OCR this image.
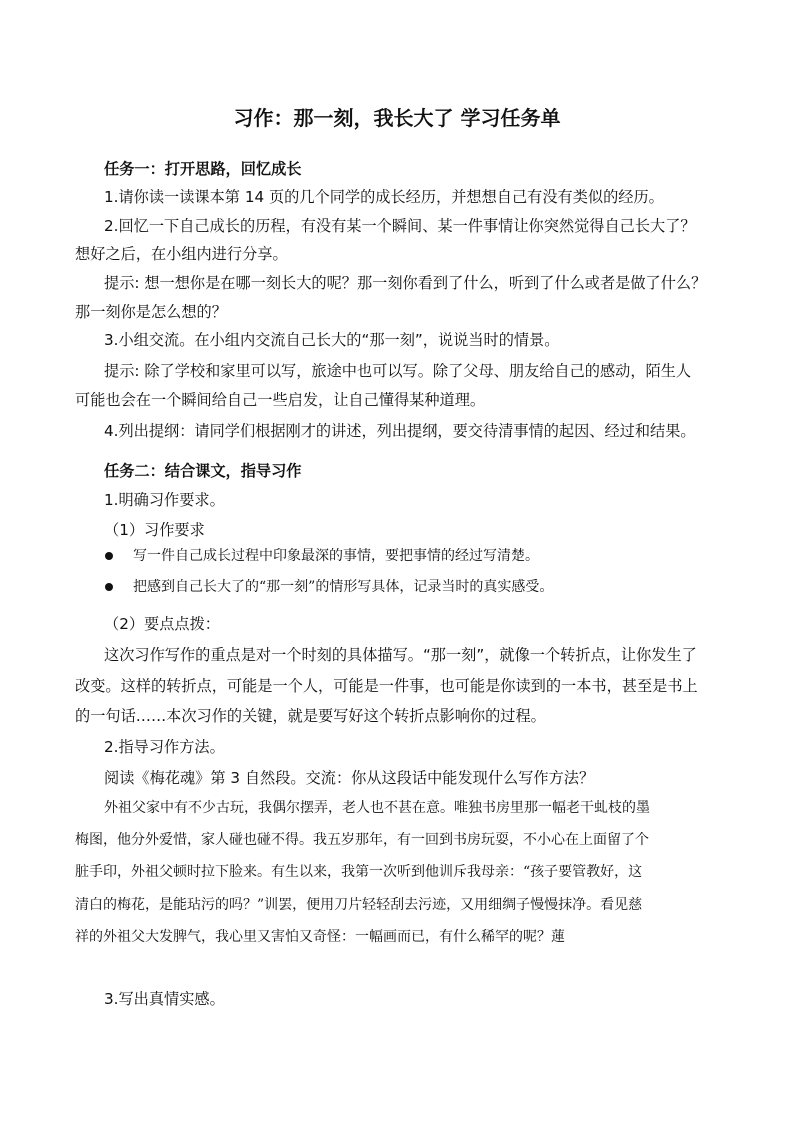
习作：那一刻，我长大了 学习任务单
任务一：打开思路，回忆成长
1.请你读一读课本第 14 页的几个同学的成长经历，并想想自己有没有类似的经历。
2.回忆一下自己成长的历程，有没有某一个瞬间、某一件事情让你突然觉得自己长大了？
想好之后，在小组内进行分享。
提示: 想一想你是在哪一刻长大的呢？那一刻你看到了什么，听到了什么或者是做了什么？
那一刻你是怎么想的？
3.小组交流。在小组内交流自己长大的“那一刻”，说说当时的情景。
提示: 除了学校和家里可以写，旅途中也可以写。除了父母、朋友给自己的感动，陌生人
可能也会在一个瞬间给自己一些启发，让自己懂得某种道理。
4.列出提纲：请同学们根据刚才的讲述，列出提纲，要交待清事情的起因、经过和结果。
任务二：结合课文，指导习作
1.明确习作要求。
（1）习作要求
写一件自己成长过程中印象最深的事情，要把事情的经过写清楚。
把感到自己长大了的“那一刻”的情形写具体，记录当时的真实感受。
（2）要点点拨：
这次习作写作的重点是对一个时刻的具体描写。“那一刻”，就像一个转折点，让你发生了
改变。这样的转折点，可能是一个人，可能是一件事，也可能是你读到的一本书，甚至是书上
的一句话……本次习作的关键，就是要写好这个转折点影响你的过程。
2.指导习作方法。
阅读《梅花魂》第 3 自然段。交流：你从这段话中能发现什么写作方法？
外祖父家中有不少古玩，我偶尔摆弄，老人也不甚在意。唯独书房里那一幅老干虬枝的墨
梅图，他分外爱惜，家人碰也碰不得。我五岁那年，有一回到书房玩耍，不小心在上面留了个
脏手印，外祖父顿时拉下脸来。有生以来，我第一次听到他训斥我母亲：“孩子要管教好，这
清白的梅花，是能玷污的吗？”训罢，便用刀片轻轻刮去污迹，又用细绸子慢慢抹净。看见慈
祥的外祖父大发脾气，我心里又害怕又奇怪：一幅画而已，有什么稀罕的呢？蓮
3.写出真情实感。
